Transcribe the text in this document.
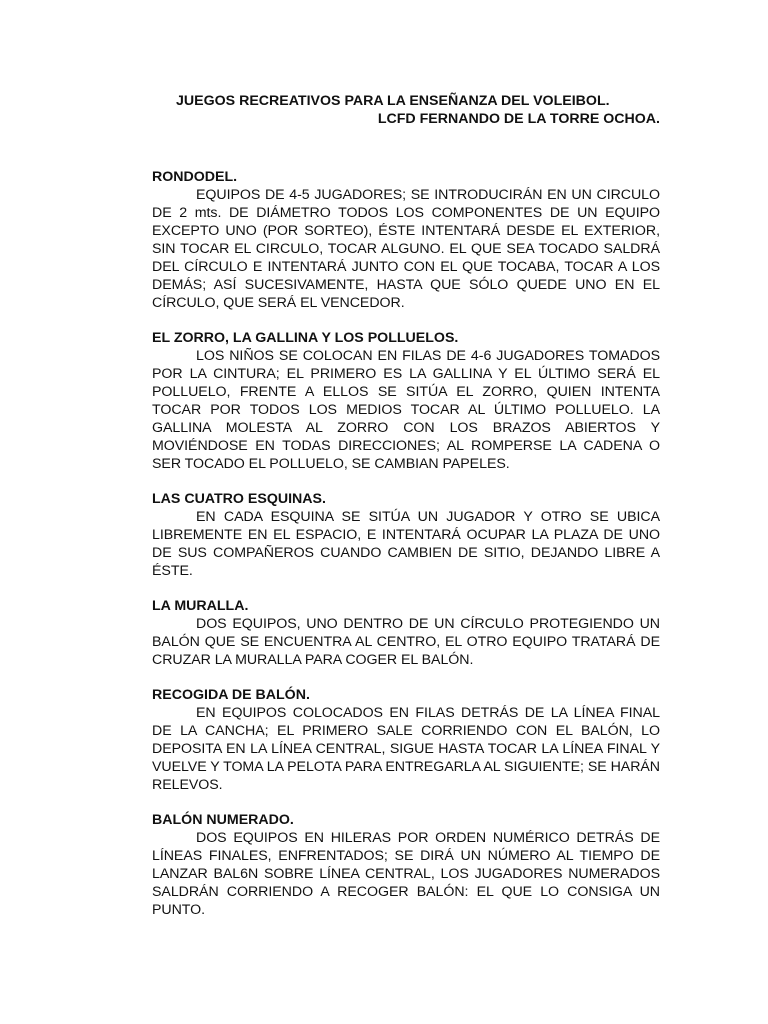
JUEGOS RECREATIVOS PARA LA ENSEÑANZA DEL VOLEIBOL.

LCFD FERNANDO DE LA TORRE OCHOA.

RONDODEL.

EQUIPOS DE 4-5 JUGADORES; SE INTRODUCIRÁN EN UN CIRCULO DE 2 mts. DE DIÁMETRO TODOS LOS COMPONENTES DE UN EQUIPO EXCEPTO UNO (POR SORTEO), ÉSTE INTENTARÁ DESDE EL EXTERIOR, SIN TOCAR EL CIRCULO, TOCAR ALGUNO. EL QUE SEA TOCADO SALDRÁ DEL CÍRCULO E INTENTARÁ JUNTO CON EL QUE TOCABA, TOCAR A LOS DEMÁS; ASÍ SUCESIVAMENTE, HASTA QUE SÓLO QUEDE UNO EN EL CÍRCULO, QUE SERÁ EL VENCEDOR.

EL ZORRO, LA GALLINA Y LOS POLLUELOS.

LOS NIÑOS SE COLOCAN EN FILAS DE 4-6 JUGADORES TOMADOS POR LA CINTURA; EL PRIMERO ES LA GALLINA Y EL ÚLTIMO SERÁ EL POLLUELO, FRENTE A ELLOS SE SITÚA EL ZORRO, QUIEN INTENTA TOCAR POR TODOS LOS MEDIOS TOCAR AL ÚLTIMO POLLUELO. LA GALLINA MOLESTA AL ZORRO CON LOS BRAZOS ABIERTOS Y MOVIÉNDOSE EN TODAS DIRECCIONES; AL ROMPERSE LA CADENA O SER TOCADO EL POLLUELO, SE CAMBIAN PAPELES.

LAS CUATRO ESQUINAS.

EN CADA ESQUINA SE SITÚA UN JUGADOR Y OTRO SE UBICA LIBREMENTE EN EL ESPACIO, E INTENTARÁ OCUPAR LA PLAZA DE UNO DE SUS COMPAÑEROS CUANDO CAMBIEN DE SITIO, DEJANDO LIBRE A ÉSTE.

LA MURALLA.

DOS EQUIPOS, UNO DENTRO DE UN CÍRCULO PROTEGIENDO UN BALÓN QUE SE ENCUENTRA AL CENTRO, EL OTRO EQUIPO TRATARÁ DE CRUZAR LA MURALLA PARA COGER EL BALÓN.

RECOGIDA DE BALÓN.

EN EQUIPOS COLOCADOS EN FILAS DETRÁS DE LA LÍNEA FINAL DE LA CANCHA; EL PRIMERO SALE CORRIENDO CON EL BALÓN, LO DEPOSITA EN LA LÍNEA CENTRAL, SIGUE HASTA TOCAR LA LÍNEA FINAL Y VUELVE Y TOMA LA PELOTA PARA ENTREGARLA AL SIGUIENTE; SE HARÁN RELEVOS.

BALÓN NUMERADO.

DOS EQUIPOS EN HILERAS POR ORDEN NUMÉRICO DETRÁS DE LÍNEAS FINALES, ENFRENTADOS; SE DIRÁ UN NÚMERO AL TIEMPO DE LANZAR BAL6N SOBRE LÍNEA CENTRAL, LOS JUGADORES NUMERADOS SALDRÁN CORRIENDO A RECOGER BALÓN: EL QUE LO CONSIGA UN PUNTO.
